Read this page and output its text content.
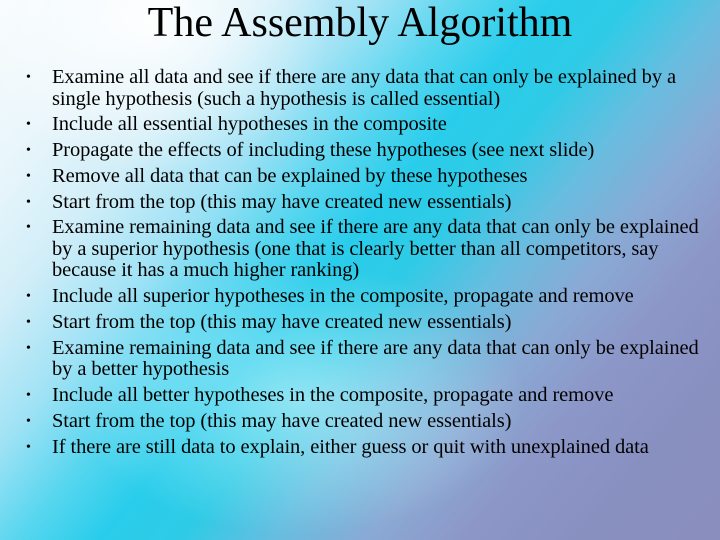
The Assembly Algorithm
•	Examine all data and see if there are any data that can only be explained by a single hypothesis (such a hypothesis is called essential)
•	Include all essential hypotheses in the composite
•	Propagate the effects of including these hypotheses (see next slide)
•	Remove all data that can be explained by these hypotheses
•	Start from the top (this may have created new essentials)
•	Examine remaining data and see if there are any data that can only be explained by a superior hypothesis (one that is clearly better than all competitors, say because it has a much higher ranking)
•	Include all superior hypotheses in the composite, propagate and remove
•	Start from the top (this may have created new essentials)
•	Examine remaining data and see if there are any data that can only be explained by a better hypothesis
•	Include all better hypotheses in the composite, propagate and remove
•	Start from the top (this may have created new essentials)
•	If there are still data to explain, either guess or quit with unexplained data
